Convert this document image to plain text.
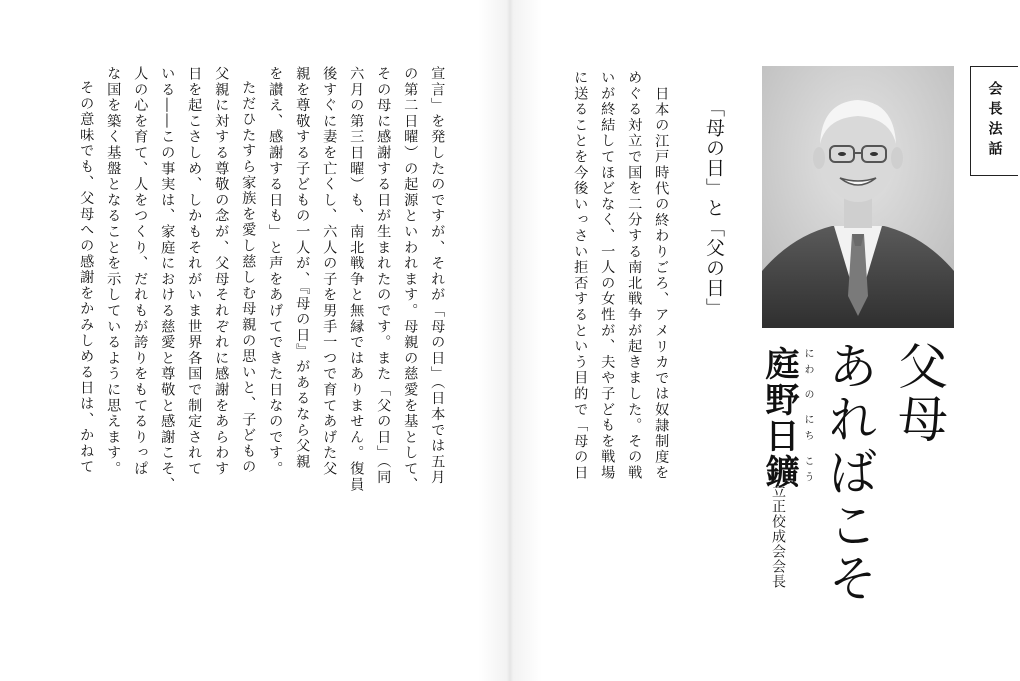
会長法話
父母
あればこそ
にわ の にち こう
庭野日鑛
立正佼成会会長
「母の日」と「父の日」
日本の江戸時代の終わりごろ、アメリカでは奴隷制度を
めぐる対立で国を二分する南北戦争が起きました。その戦
いが終結してほどなく、一人の女性が、夫や子どもを戦場
に送ることを今後いっさい拒否するという目的で「母の日
宣言」を発したのですが、それが「母の日」（日本では五月
の第二日曜）の起源といわれます。母親の慈愛を基として、
その母に感謝する日が生まれたのです。また「父の日」（同
六月の第三日曜）も、南北戦争と無縁ではありません。復員
後すぐに妻を亡くし、六人の子を男手一つで育てあげた父
親を尊敬する子どもの一人が、『母の日』があるなら父親
を讃え、感謝する日も」と声をあげてできた日なのです。
ただひたすら家族を愛し慈しむ母親の思いと、子どもの
父親に対する尊敬の念が、父母それぞれに感謝をあらわす
日を起こさしめ、しかもそれがいま世界各国で制定されて
いる――この事実は、家庭における慈愛と尊敬と感謝こそ、
人の心を育て、人をつくり、だれもが誇りをもてるりっぱ
な国を築く基盤となることを示しているように思えます。
その意味でも、父母への感謝をかみしめる日は、かねて
